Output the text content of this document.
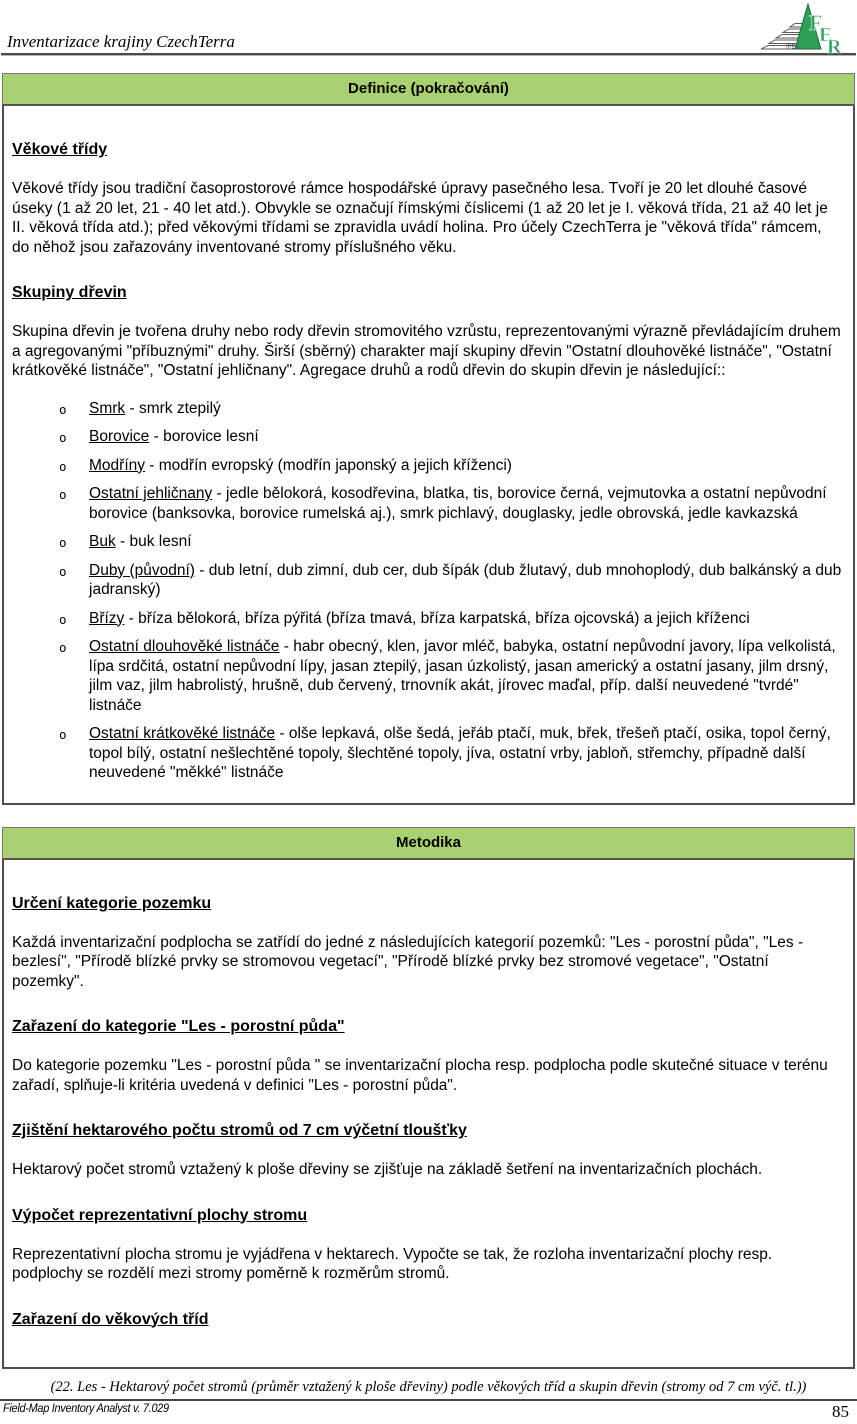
Inventarizace krajiny CzechTerra
F
E
R
IFER
Definice (pokračování)
Věkové třídy

Věkové třídy jsou tradiční časoprostorové rámce hospodářské úpravy pasečného lesa. Tvoří je 20 let dlouhé časové úseky (1 až 20 let, 21 - 40 let atd.). Obvykle se označují římskými číslicemi (1 až 20 let je I. věková třída, 21 až 40 let je II. věková třída atd.); před věkovými třídami se zpravidla uvádí holina. Pro účely CzechTerra je "věková třída" rámcem, do něhož jsou zařazovány inventované stromy příslušného věku.

Skupiny dřevin

Skupina dřevin je tvořena druhy nebo rody dřevin stromovitého vzrůstu, reprezentovanými výrazně převládajícím druhem a agregovanými "příbuznými" druhy. Širší (sběrný) charakter mají skupiny dřevin "Ostatní dlouhověké listnáče", "Ostatní krátkověké listnáče", "Ostatní jehličnany". Agregace druhů a rodů dřevin do skupin dřevin je následující::

o Smrk - smrk ztepilý
o Borovice - borovice lesní
o Modříny - modřín evropský (modřín japonský a jejich kříženci)
o Ostatní jehličnany - jedle bělokorá, kosodřevina, blatka, tis, borovice černá, vejmutovka a ostatní nepůvodní borovice (banksovka, borovice rumelská aj.), smrk pichlavý, douglasky, jedle obrovská, jedle kavkazská
o Buk - buk lesní
o Duby (původní) - dub letní, dub zimní, dub cer, dub šípák (dub žlutavý, dub mnohoplodý, dub balkánský a dub jadranský)
o Břízy - bříza bělokorá, bříza pýřitá (bříza tmavá, bříza karpatská, bříza ojcovská) a jejich kříženci
o Ostatní dlouhověké listnáče - habr obecný, klen, javor mléč, babyka, ostatní nepůvodní javory, lípa velkolistá, lípa srdčitá, ostatní nepůvodní lípy, jasan ztepilý, jasan úzkolistý, jasan americký a ostatní jasany, jilm drsný, jilm vaz, jilm habrolistý, hrušně, dub červený, trnovník akát, jírovec maďal, příp. další neuvedené "tvrdé" listnáče
o Ostatní krátkověké listnáče - olše lepkavá, olše šedá, jeřáb ptačí, muk, břek, třešeň ptačí, osika, topol černý, topol bílý, ostatní nešlechtěné topoly, šlechtěné topoly, jíva, ostatní vrby, jabloň, střemchy, případně další neuvedené "měkké" listnáče
Metodika
Určení kategorie pozemku

Každá inventarizační podplocha se zatřídí do jedné z následujících kategorií pozemků: "Les - porostní půda", "Les - bezlesí", "Přírodě blízké prvky se stromovou vegetací", "Přírodě blízké prvky bez stromové vegetace", "Ostatní pozemky".

Zařazení do kategorie "Les - porostní půda"

Do kategorie pozemku "Les - porostní půda " se inventarizační plocha resp. podplocha podle skutečné situace v terénu zařadí, splňuje-li kritéria uvedená v definici "Les - porostní půda".

Zjištění hektarového počtu stromů od 7 cm výčetní tloušťky

Hektarový počet stromů vztažený k ploše dřeviny se zjišťuje na základě šetření na inventarizačních plochách.

Výpočet reprezentativní plochy stromu

Reprezentativní plocha stromu je vyjádřena v hektarech. Vypočte se tak, že rozloha inventarizační plochy resp. podplochy se rozdělí mezi stromy poměrně k rozměrům stromů.

Zařazení do věkových tříd
(22. Les - Hektarový počet stromů (průměr vztažený k ploše dřeviny) podle věkových tříd a skupin dřevin (stromy od 7 cm výč. tl.))
Field-Map Inventory Analyst v. 7.029	85
